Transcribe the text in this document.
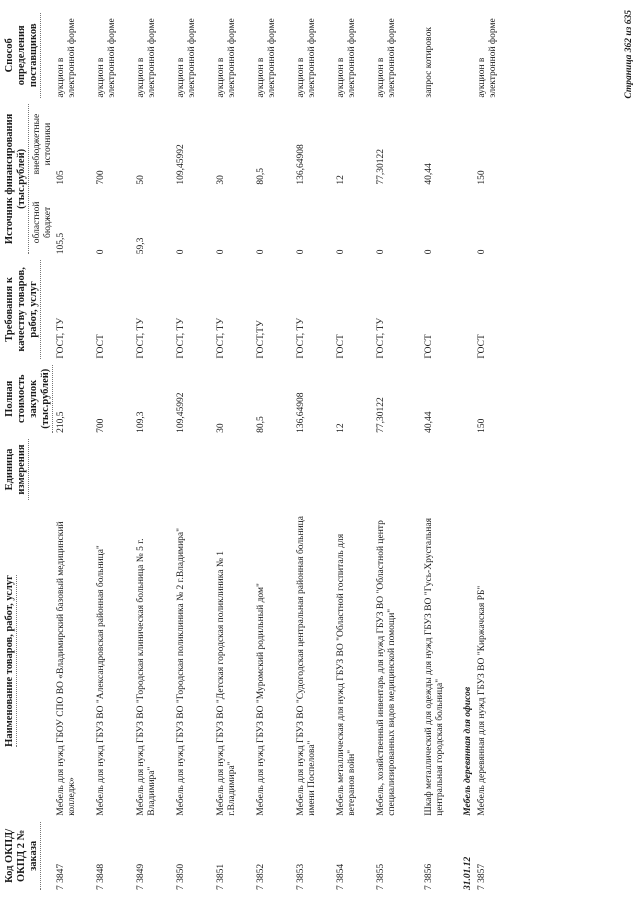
Код ОКПД/ ОКПД 2 № заказа	Наименование товаров, работ, услуг	Единица измерения	Полная стоимость закупок (тыс.рублей)	Требования к качеству товаров, работ, услуг	Источник финансирования (тыс.рублей)		Способ определения поставщиков
					областной бюджет	внебюджетные источники	
7 3847	Мебель для нужд ГБОУ СПО ВО «Владимирский базовый медицинский колледж»		210,5	ГОСТ, ТУ	105,5	105	аукцион в электронной форме
7 3848	Мебель для нужд ГБУЗ ВО "Александровская районная больница"		700	ГОСТ	0	700	аукцион в электронной форме
7 3849	Мебель для нужд ГБУЗ ВО "Городская клиническая больница № 5 г. Владимира"		109,3	ГОСТ, ТУ	59,3	50	аукцион в электронной форме
7 3850	Мебель для нужд ГБУЗ ВО "Городская поликлиника № 2 г.Владимира"		109,45992	ГОСТ, ТУ	0	109,45992	аукцион в электронной форме
7 3851	Мебель для нужд ГБУЗ ВО "Детская городская поликлиника № 1 г.Владимира"		30	ГОСТ, ТУ	0	30	аукцион в электронной форме
7 3852	Мебель для нужд ГБУЗ ВО "Муромский родильный дом"		80,5	ГОСТ,ТУ	0	80,5	аукцион в электронной форме
7 3853	Мебель для нужд ГБУЗ ВО "Судогодская центральная районная больница имени Поспелова"		136,64908	ГОСТ, ТУ	0	136,64908	аукцион в электронной форме
7 3854	Мебель металлическая для нужд ГБУЗ ВО "Областной госпиталь для ветеранов войн"		12	ГОСТ	0	12	аукцион в электронной форме
7 3855	Мебель, хозяйственный инвентарь для нужд ГБУЗ ВО "Областной центр специализированных видов медицинской помощи"		77,30122	ГОСТ, ТУ	0	77,30122	аукцион в электронной форме
7 3856	Шкаф металлический для одежды для нужд ГБУЗ ВО "Гусь-Хрустальная центральная городская больница"		40,44	ГОСТ	0	40,44	запрос котировок
31.01.12	Мебель деревянная для офисов						
7 3857	Мебель деревянная для нужд ГБУЗ ВО "Киржачская РБ"		150	ГОСТ	0	150	аукцион в электронной форме	Страница 362 из 635
